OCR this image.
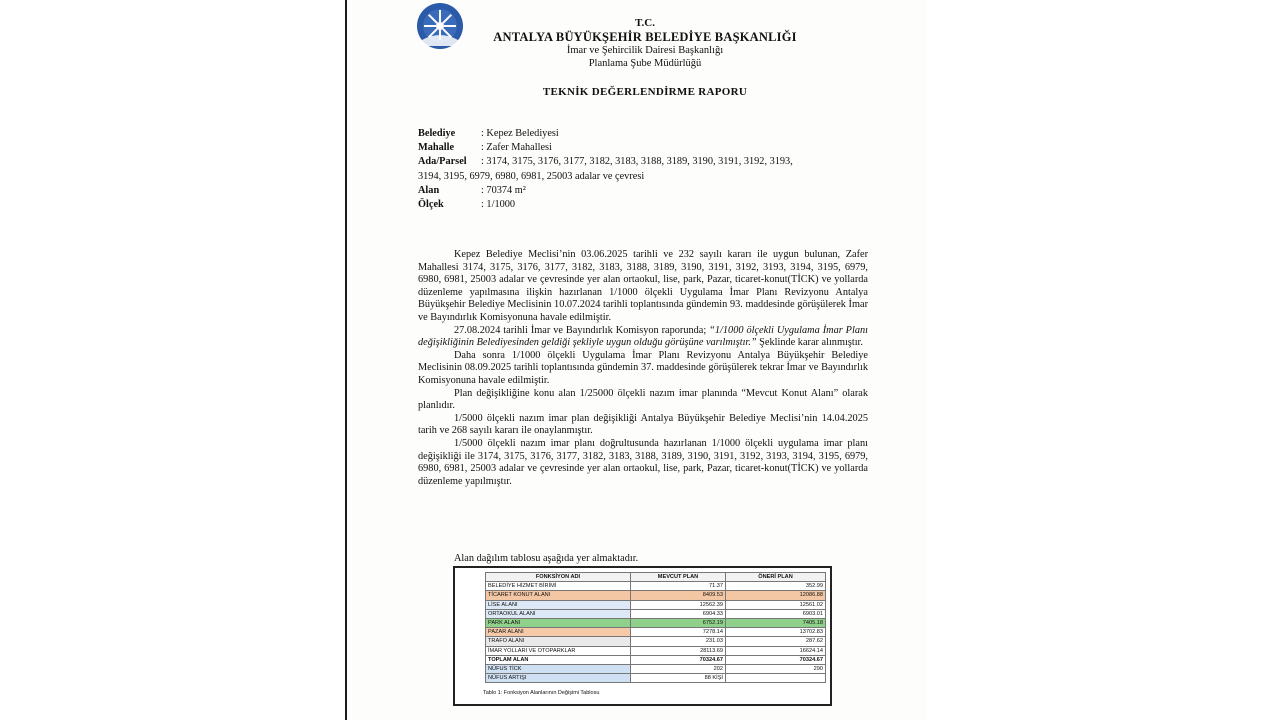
T.C.
ANTALYA BÜYÜKŞEHİR BELEDİYE BAŞKANLIĞI
İmar ve Şehircilik Dairesi Başkanlığı
Planlama Şube Müdürlüğü
TEKNİK DEĞERLENDİRME RAPORU
Belediye	: Kepez Belediyesi
Mahalle	: Zafer Mahallesi
Ada/Parsel	: 3174, 3175, 3176, 3177, 3182, 3183, 3188, 3189, 3190, 3191, 3192, 3193,
3194, 3195, 6979, 6980, 6981, 25003 adalar ve çevresi
Alan	: 70374 m²
Ölçek	: 1/1000

Kepez Belediye Meclisi’nin 03.06.2025 tarihli ve 232 sayılı kararı ile uygun bulunan, Zafer Mahallesi 3174, 3175, 3176, 3177, 3182, 3183, 3188, 3189, 3190, 3191, 3192, 3193, 3194, 3195, 6979, 6980, 6981, 25003 adalar ve çevresinde yer alan ortaokul, lise, park, Pazar, ticaret-konut(TİCK) ve yollarda düzenleme yapılmasına ilişkin hazırlanan 1/1000 ölçekli Uygulama İmar Planı Revizyonu Antalya Büyükşehir Belediye Meclisinin 10.07.2024 tarihli toplantısında gündemin 93. maddesinde görüşülerek İmar ve Bayındırlık Komisyonuna havale edilmiştir.

27.08.2024 tarihli İmar ve Bayındırlık Komisyon raporunda; “1/1000 ölçekli Uygulama İmar Planı değişikliğinin Belediyesinden geldiği şekliyle uygun olduğu görüşüne varılmıştır.” Şeklinde karar alınmıştır.

Daha sonra 1/1000 ölçekli Uygulama İmar Planı Revizyonu Antalya Büyükşehir Belediye Meclisinin 08.09.2025 tarihli toplantısında gündemin 37. maddesinde görüşülerek tekrar İmar ve Bayındırlık Komisyonuna havale edilmiştir.

Plan değişikliğine konu alan 1/25000 ölçekli nazım imar planında “Mevcut Konut Alanı” olarak planlıdır.

1/5000 ölçekli nazım imar plan değişikliği Antalya Büyükşehir Belediye Meclisi’nin 14.04.2025 tarih ve 268 sayılı kararı ile onaylanmıştır.

1/5000 ölçekli nazım imar planı doğrultusunda hazırlanan 1/1000 ölçekli uygulama imar planı değişikliği ile 3174, 3175, 3176, 3177, 3182, 3183, 3188, 3189, 3190, 3191, 3192, 3193, 3194, 3195, 6979, 6980, 6981, 25003 adalar ve çevresinde yer alan ortaokul, lise, park, Pazar, ticaret-konut(TİCK) ve yollarda düzenleme yapılmıştır.

Alan dağılım tablosu aşağıda yer almaktadır.
FONKSİYON ADI	MEVCUT PLAN	ÖNERİ PLAN
BELEDİYE HİZMET BİRİMİ	71.37	352.99
TİCARET KONUT ALANI	8409.53	12086.88
LİSE ALANI	12562.39	12561.02
ORTAOKUL ALANI	6904.33	6903.01
PARK ALANI	6752.19	7405.18
PAZAR ALANI	7278.14	13702.83
TRAFO ALANI	231.03	287.62
İMAR YOLLARI VE OTOPARKLAR	28113.69	16624.14
TOPLAM ALAN	70324.67	70324.67
NÜFUS TİCK	202	290
NÜFUS ARTIŞI	88 KİŞİ	
Tablo 1: Fonksiyon Alanlarının Değişimi Tablosu
